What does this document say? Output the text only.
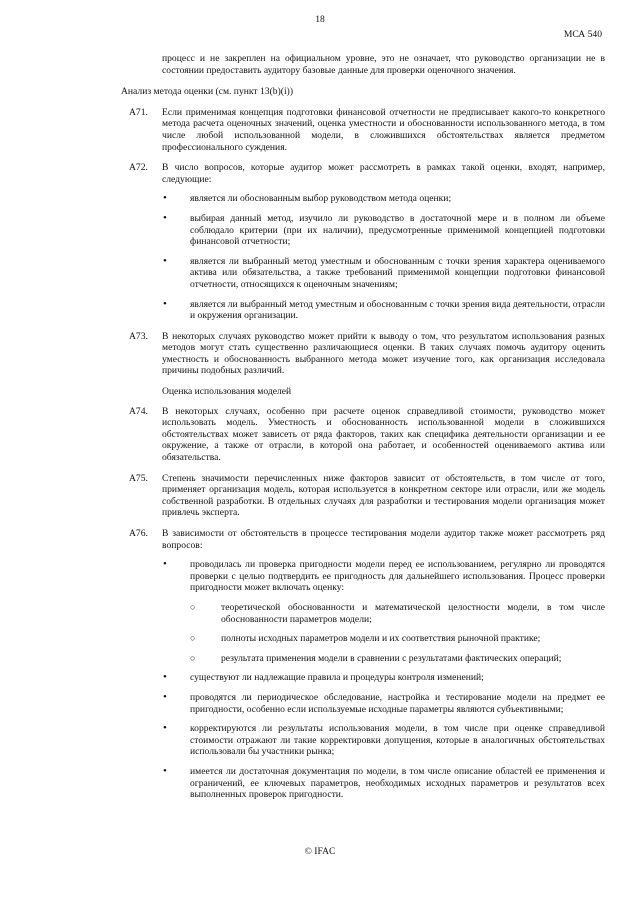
18
МСА 540

процесс и не закреплен на официальном уровне, это не означает, что руководство организации не в состоянии предоставить аудитору базовые данные для проверки оценочного значения.

Анализ метода оценки (см. пункт 13(b)(i))

A71. Если применимая концепция подготовки финансовой отчетности не предписывает какого-то конкретного метода расчета оценочных значений, оценка уместности и обоснованности использованного метода, в том числе любой использованной модели, в сложившихся обстоятельствах является предметом профессионального суждения.

A72. В число вопросов, которые аудитор может рассмотреть в рамках такой оценки, входят, например, следующие:

• является ли обоснованным выбор руководством метода оценки;

• выбирая данный метод, изучило ли руководство в достаточной мере и в полном ли объеме соблюдало критерии (при их наличии), предусмотренные применимой концепцией подготовки финансовой отчетности;

• является ли выбранный метод уместным и обоснованным с точки зрения характера оцениваемого актива или обязательства, а также требований применимой концепции подготовки финансовой отчетности, относящихся к оценочным значениям;

• является ли выбранный метод уместным и обоснованным с точки зрения вида деятельности, отрасли и окружения организации.

A73. В некоторых случаях руководство может прийти к выводу о том, что результатом использования разных методов могут стать существенно различающиеся оценки. В таких случаях помочь аудитору оценить уместность и обоснованность выбранного метода может изучение того, как организация исследовала причины подобных различий.

Оценка использования моделей

A74. В некоторых случаях, особенно при расчете оценок справедливой стоимости, руководство может использовать модель. Уместность и обоснованность использованной модели в сложившихся обстоятельствах может зависеть от ряда факторов, таких как специфика деятельности организации и ее окружение, а также от отрасли, в которой она работает, и особенностей оцениваемого актива или обязательства.

A75. Степень значимости перечисленных ниже факторов зависит от обстоятельств, в том числе от того, применяет организация модель, которая используется в конкретном секторе или отрасли, или же модель собственной разработки. В отдельных случаях для разработки и тестирования модели организация может привлечь эксперта.

A76. В зависимости от обстоятельств в процессе тестирования модели аудитор также может рассмотреть ряд вопросов:

• проводилась ли проверка пригодности модели перед ее использованием, регулярно ли проводятся проверки с целью подтвердить ее пригодность для дальнейшего использования. Процесс проверки пригодности может включать оценку:

○	теоретической обоснованности и математической целостности модели, в том числе обоснованности параметров модели;

○	полноты исходных параметров модели и их соответствия рыночной практике;

○	результата применения модели в сравнении с результатами фактических операций;

• существуют ли надлежащие правила и процедуры контроля изменений;

• проводятся ли периодическое обследование, настройка и тестирование модели на предмет ее пригодности, особенно если используемые исходные параметры являются субъективными;

• корректируются ли результаты использования модели, в том числе при оценке справедливой стоимости отражают ли такие корректировки допущения, которые в аналогичных обстоятельствах использовали бы участники рынка;

• имеется ли достаточная документация по модели, в том числе описание областей ее применения и ограничений, ее ключевых параметров, необходимых исходных параметров и результатов всех выполненных проверок пригодности.

© IFAC
